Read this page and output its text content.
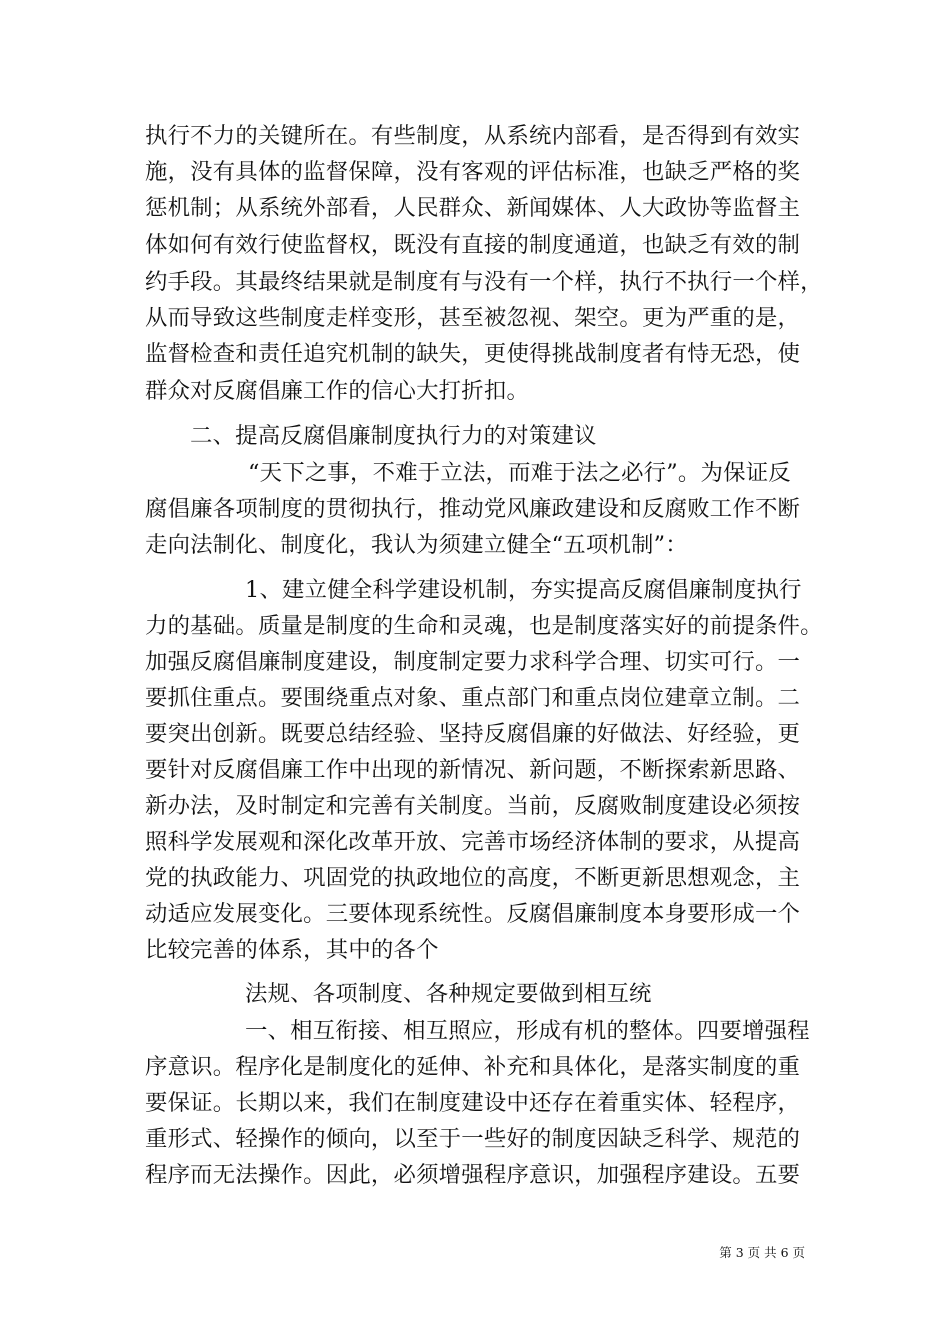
执行不力的关键所在。有些制度，从系统内部看，是否得到有效实
施，没有具体的监督保障，没有客观的评估标准，也缺乏严格的奖
惩机制；从系统外部看，人民群众、新闻媒体、人大政协等监督主
体如何有效行使监督权，既没有直接的制度通道，也缺乏有效的制
约手段。其最终结果就是制度有与没有一个样，执行不执行一个样，
从而导致这些制度走样变形，甚至被忽视、架空。更为严重的是，
监督检查和责任追究机制的缺失，更使得挑战制度者有恃无恐，使
群众对反腐倡廉工作的信心大打折扣。
二、提高反腐倡廉制度执行力的对策建议
“天下之事，不难于立法，而难于法之必行”。为保证反
腐倡廉各项制度的贯彻执行，推动党风廉政建设和反腐败工作不断
走向法制化、制度化，我认为须建立健全“五项机制”：
1、建立健全科学建设机制，夯实提高反腐倡廉制度执行
力的基础。质量是制度的生命和灵魂，也是制度落实好的前提条件。
加强反腐倡廉制度建设，制度制定要力求科学合理、切实可行。一
要抓住重点。要围绕重点对象、重点部门和重点岗位建章立制。二
要突出创新。既要总结经验、坚持反腐倡廉的好做法、好经验，更
要针对反腐倡廉工作中出现的新情况、新问题，不断探索新思路、
新办法，及时制定和完善有关制度。当前，反腐败制度建设必须按
照科学发展观和深化改革开放、完善市场经济体制的要求，从提高
党的执政能力、巩固党的执政地位的高度，不断更新思想观念，主
动适应发展变化。三要体现系统性。反腐倡廉制度本身要形成一个
比较完善的体系，其中的各个
法规、各项制度、各种规定要做到相互统
一、相互衔接、相互照应，形成有机的整体。四要增强程
序意识。程序化是制度化的延伸、补充和具体化，是落实制度的重
要保证。长期以来，我们在制度建设中还存在着重实体、轻程序，
重形式、轻操作的倾向，以至于一些好的制度因缺乏科学、规范的
程序而无法操作。因此，必须增强程序意识，加强程序建设。五要
第 3 页 共 6 页
